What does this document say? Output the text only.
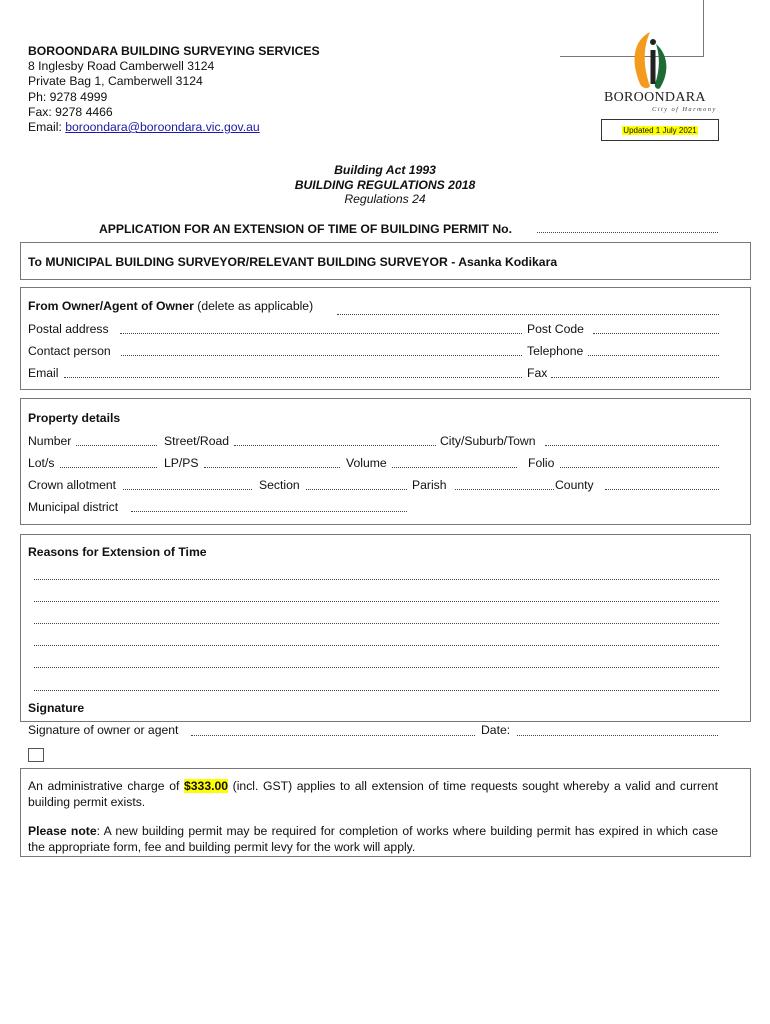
BOROONDARA BUILDING SURVEYING SERVICES
8 Inglesby Road Camberwell 3124
Private Bag 1, Camberwell 3124
Ph: 9278 4999
Fax: 9278 4466
Email: boroondara@boroondara.vic.gov.au
BOROONDARA
City of Harmony
Updated 1 July 2021
Building Act 1993
BUILDING REGULATIONS 2018
Regulations 24
APPLICATION FOR AN EXTENSION OF TIME OF BUILDING PERMIT No.
To MUNICIPAL BUILDING SURVEYOR/RELEVANT BUILDING SURVEYOR - Asanka Kodikara
From Owner/Agent of Owner (delete as applicable)
Postal address	Post Code
Contact person	Telephone
Email	Fax
Property details
Number	Street/Road	City/Suburb/Town
Lot/s	LP/PS	Volume	Folio
Crown allotment	Section	Parish	County
Municipal district
Reasons for Extension of Time
Signature
Signature of owner or agent	Date:
An administrative charge of $333.00 (incl. GST) applies to all extension of time requests sought whereby a valid and current building permit exists.
Please note: A new building permit may be required for completion of works where building permit has expired in which case the appropriate form, fee and building permit levy for the work will apply.
